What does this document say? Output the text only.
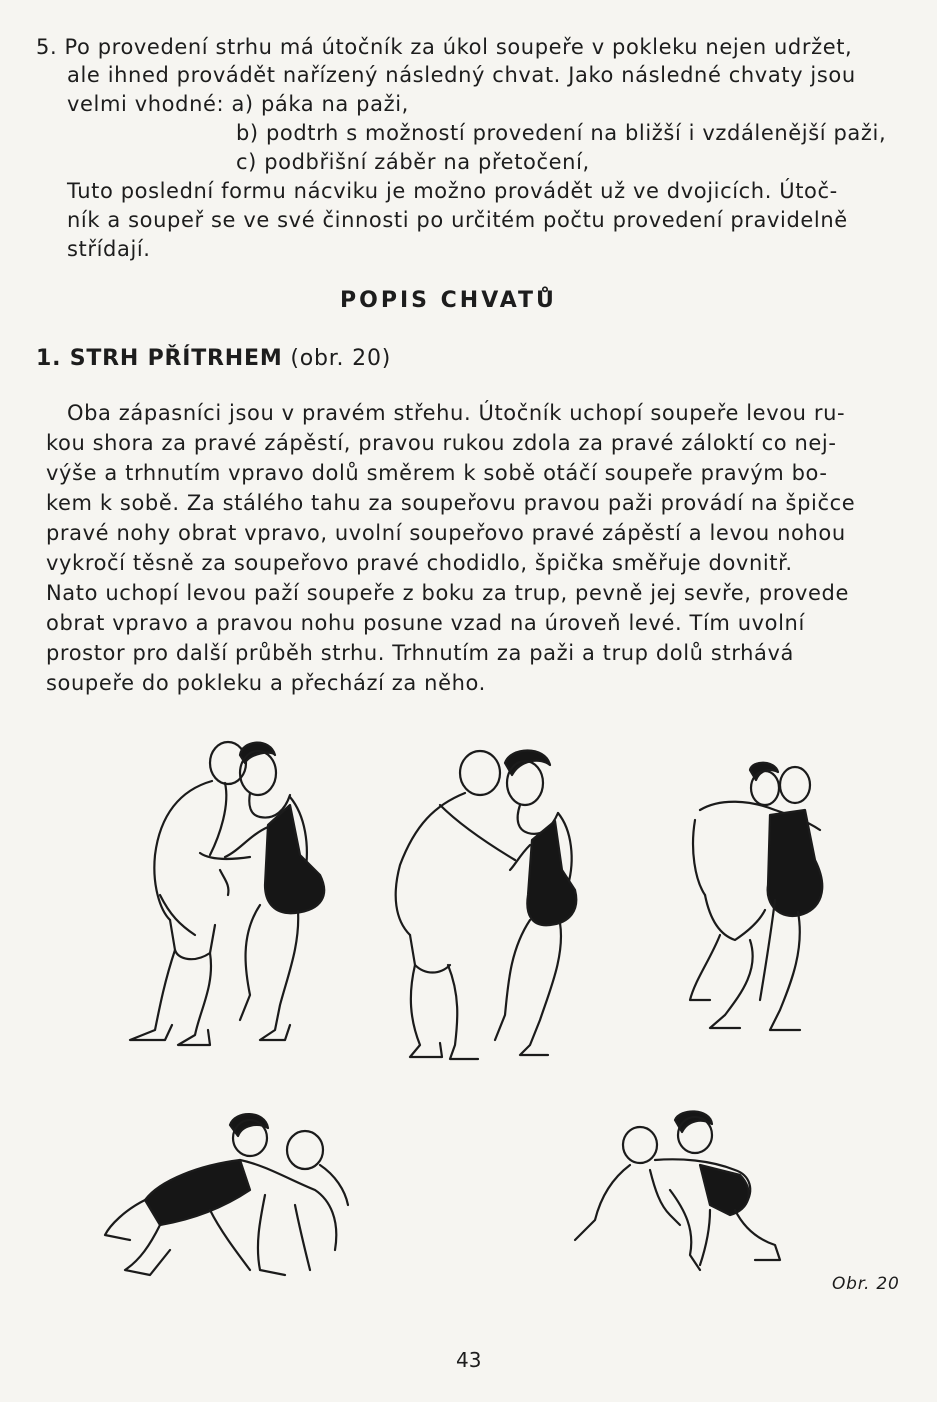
5. Po provedení strhu má útočník za úkol soupeře v pokleku nejen udržet,
ale ihned provádět nařízený následný chvat. Jako následné chvaty jsou
velmi vhodné: a) páka na paži,
b) podtrh s možností provedení na bližší i vzdálenější paži,
c) podbřišní záběr na přetočení,
Tuto poslední formu nácviku je možno provádět už ve dvojicích. Útoč-
ník a soupeř se ve své činnosti po určitém počtu provedení pravidelně
střídají.
POPIS CHVATŮ
1. STRH PŘÍTRHEM (obr. 20)
Oba zápasníci jsou v pravém střehu. Útočník uchopí soupeře levou ru-
kou shora za pravé zápěstí, pravou rukou zdola za pravé záloktí co nej-
výše a trhnutím vpravo dolů směrem k sobě otáčí soupeře pravým bo-
kem k sobě. Za stálého tahu za soupeřovu pravou paži provádí na špičce
pravé nohy obrat vpravo, uvolní soupeřovo pravé zápěstí a levou nohou
vykročí těsně za soupeřovo pravé chodidlo, špička směřuje dovnitř.
Nato uchopí levou paží soupeře z boku za trup, pevně jej sevře, provede
obrat vpravo a pravou nohu posune vzad na úroveň levé. Tím uvolní
prostor pro další průběh strhu. Trhnutím za paži a trup dolů strhává
soupeře do pokleku a přechází za něho.
Obr. 20
43
